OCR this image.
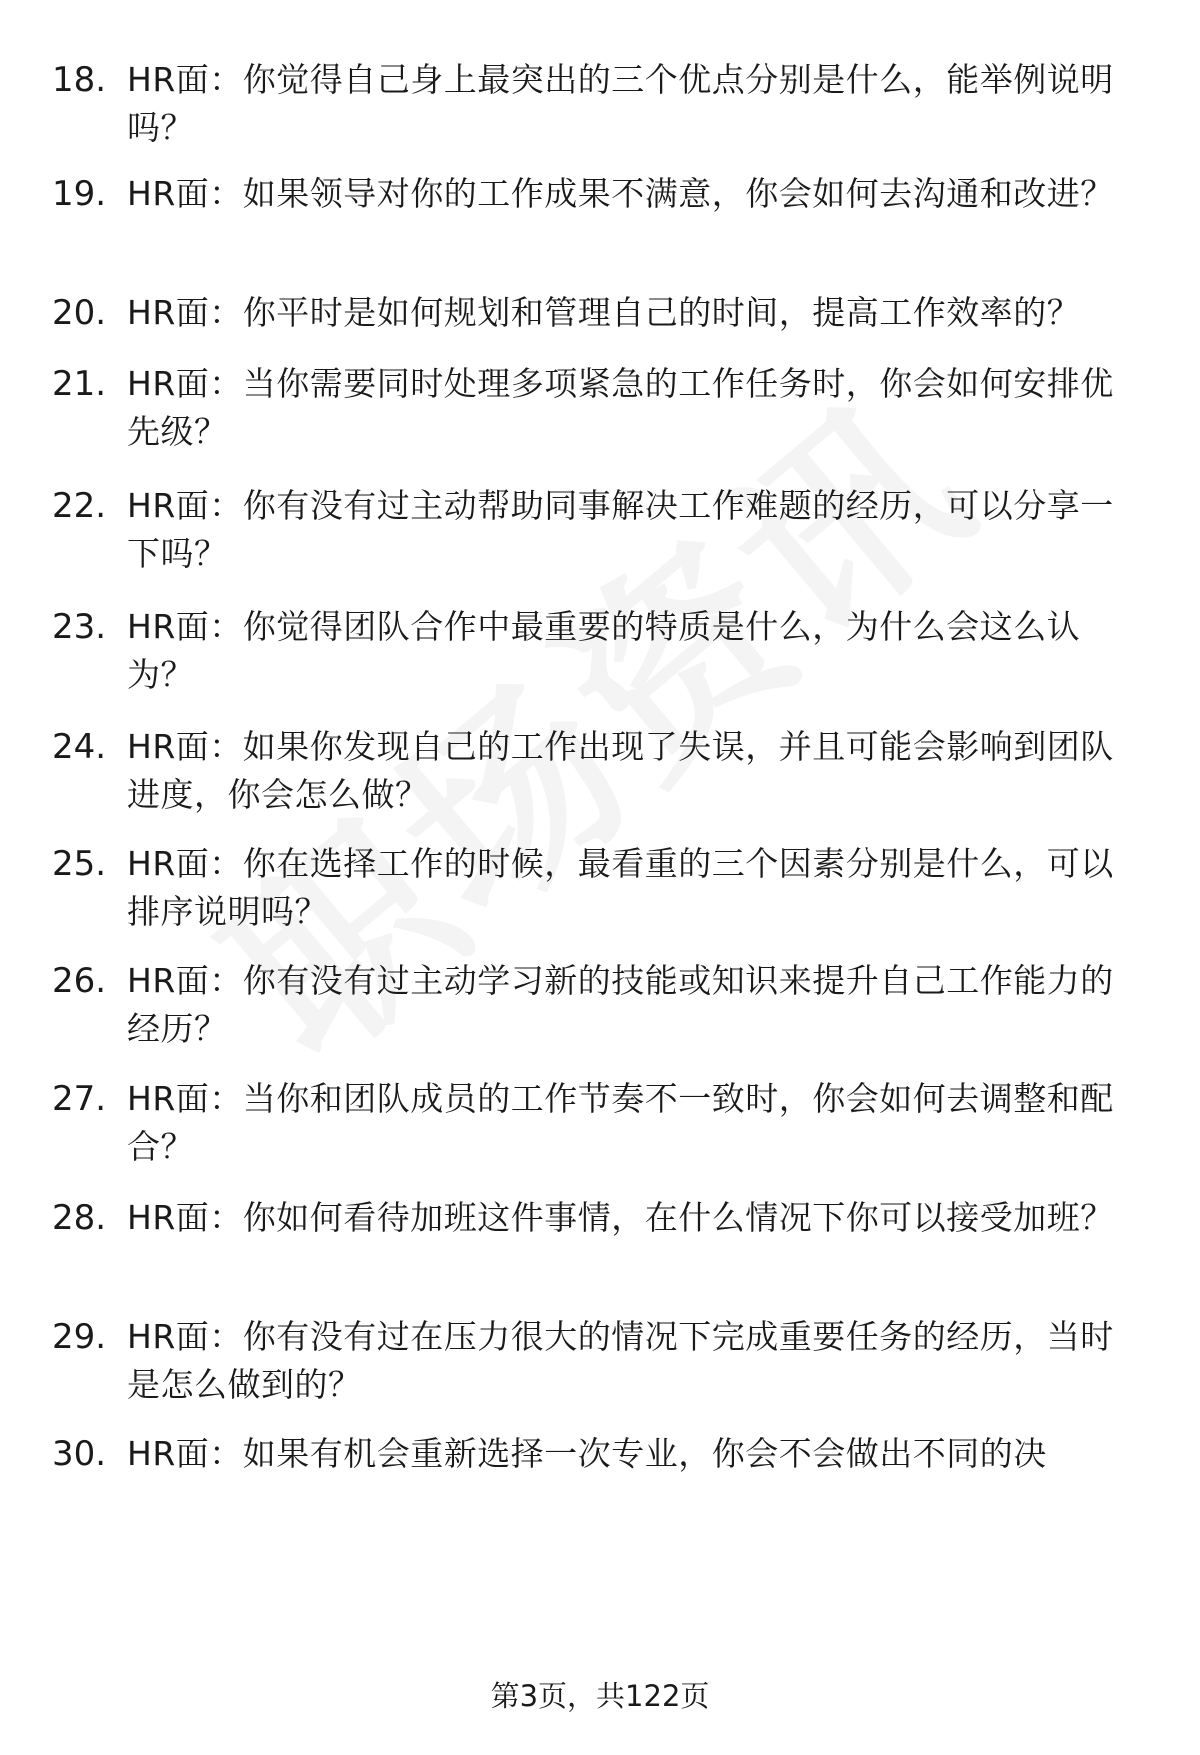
18. HR面：你觉得自己身上最突出的三个优点分别是什么，能举例说明吗？
19. HR面：如果领导对你的工作成果不满意，你会如何去沟通和改进？
20. HR面：你平时是如何规划和管理自己的时间，提高工作效率的？
21. HR面：当你需要同时处理多项紧急的工作任务时，你会如何安排优先级？
22. HR面：你有没有过主动帮助同事解决工作难题的经历，可以分享一下吗？
23. HR面：你觉得团队合作中最重要的特质是什么，为什么会这么认为？
24. HR面：如果你发现自己的工作出现了失误，并且可能会影响到团队进度，你会怎么做？
25. HR面：你在选择工作的时候，最看重的三个因素分别是什么，可以排序说明吗？
26. HR面：你有没有过主动学习新的技能或知识来提升自己工作能力的经历？
27. HR面：当你和团队成员的工作节奏不一致时，你会如何去调整和配合？
28. HR面：你如何看待加班这件事情，在什么情况下你可以接受加班？
29. HR面：你有没有过在压力很大的情况下完成重要任务的经历，当时是怎么做到的？
30. HR面：如果有机会重新选择一次专业，你会不会做出不同的决
第3页，共122页
